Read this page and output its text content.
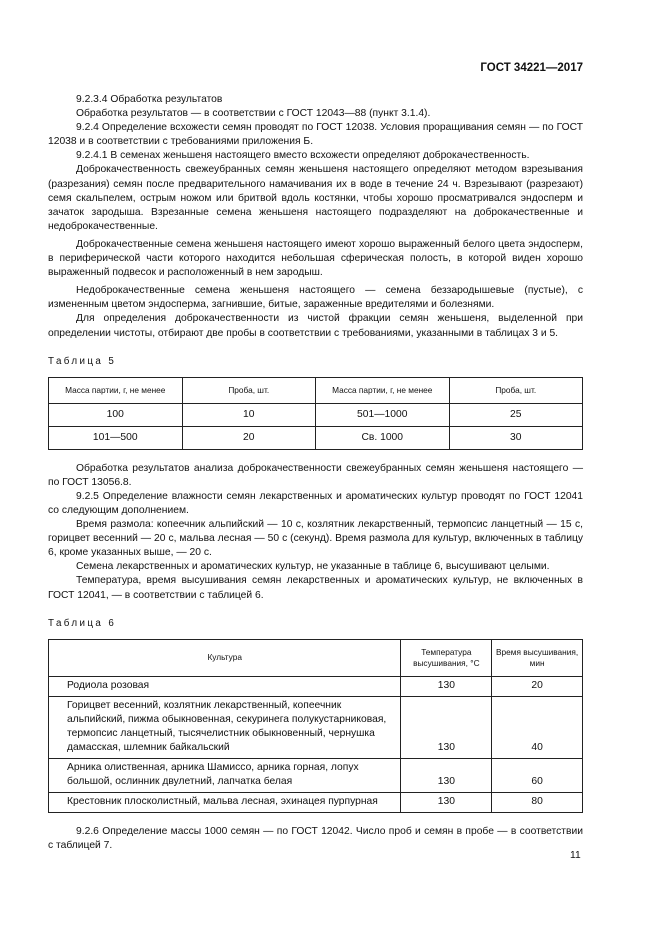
ГОСТ 34221—2017

9.2.3.4 Обработка результатов

Обработка результатов — в соответствии с ГОСТ 12043—88 (пункт 3.1.4).

9.2.4 Определение всхожести семян проводят по ГОСТ 12038. Условия проращивания семян — по ГОСТ 12038 и в соответствии с требованиями приложения Б.

9.2.4.1 В семенах женьшеня настоящего вместо всхожести определяют доброкачественность.

Доброкачественность свежеубранных семян женьшеня настоящего определяют методом взрезывания (разрезания) семян после предварительного намачивания их в воде в течение 24 ч. Взрезывают (разрезают) семя скальпелем, острым ножом или бритвой вдоль костянки, чтобы хорошо просматривался эндосперм и зачаток зародыша. Взрезанные семена женьшеня настоящего подразделяют на доброкачественные и недоброкачественные.

Доброкачественные семена женьшеня настоящего имеют хорошо выраженный белого цвета эндосперм, в периферической части которого находится небольшая сферическая полость, в которой виден хорошо выраженный подвесок и расположенный в нем зародыш.

Недоброкачественные семена женьшеня настоящего — семена беззародышевые (пустые), с измененным цветом эндосперма, загнившие, битые, зараженные вредителями и болезнями.

Для определения доброкачественности из чистой фракции семян женьшеня, выделенной при определении чистоты, отбирают две пробы в соответствии с требованиями, указанными в таблицах 3 и 5.

Таблица 5
Масса партии, г, не менее	Проба, шт.	Масса партии, г, не менее	Проба, шт.
100	10	501—1000	25
101—500	20	Св. 1000	30

Обработка результатов анализа доброкачественности свежеубранных семян женьшеня настоящего — по ГОСТ 13056.8.

9.2.5 Определение влажности семян лекарственных и ароматических культур проводят по ГОСТ 12041 со следующим дополнением.

Время размола: копеечник альпийский — 10 с, козлятник лекарственный, термопсис ланцетный — 15 с, горицвет весенний — 20 с, мальва лесная — 50 с (секунд). Время размола для культур, включенных в таблицу 6, кроме указанных выше, — 20 с.

Семена лекарственных и ароматических культур, не указанные в таблице 6, высушивают целыми.

Температура, время высушивания семян лекарственных и ароматических культур, не включенных в ГОСТ 12041, — в соответствии с таблицей 6.

Таблица 6
Культура	Температура высушивания, °С	Время высушивания, мин
Родиола розовая	130	20
Горицвет весенний, козлятник лекарственный, копеечник альпийский, пижма обыкновенная, секуринега полукустарниковая, термопсис ланцетный, тысячелистник обыкновенный, чернушка дамасская, шлемник байкальский	130	40
Арника олиственная, арника Шамиссо, арника горная, лопух большой, ослинник двулетний, лапчатка белая	130	60
Крестовник плосколистный, мальва лесная, эхинацея пурпурная	130	80

9.2.6 Определение массы 1000 семян — по ГОСТ 12042. Число проб и семян в пробе — в соответствии с таблицей 7.

11
